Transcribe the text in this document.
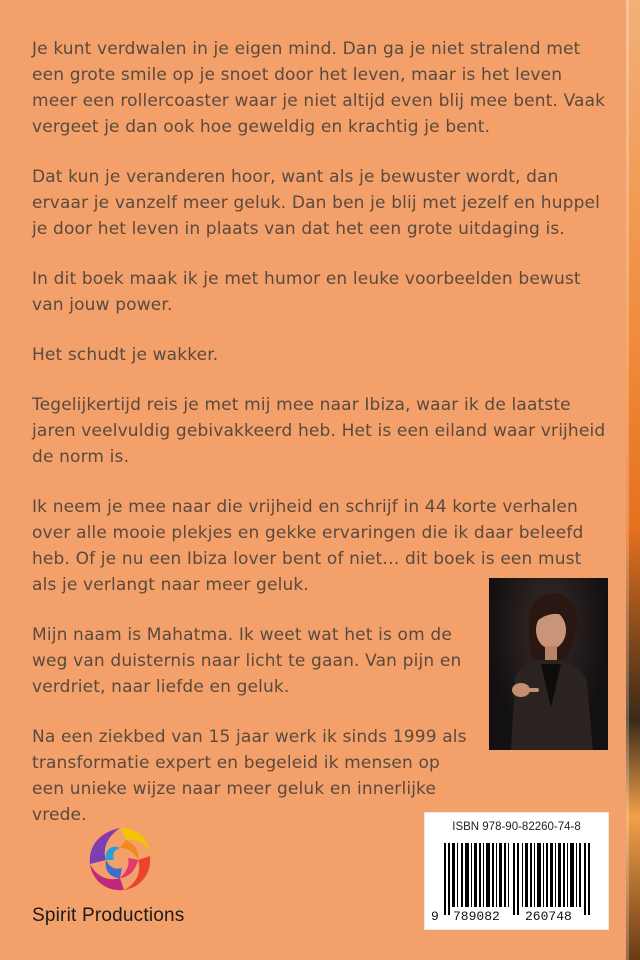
Je kunt verdwalen in je eigen mind. Dan ga je niet stralend met een grote smile op je snoet door het leven, maar is het leven meer een rollercoaster waar je niet altijd even blij mee bent. Vaak vergeet je dan ook hoe geweldig en krachtig je bent.

Dat kun je veranderen hoor, want als je bewuster wordt, dan ervaar je vanzelf meer geluk. Dan ben je blij met jezelf en huppel je door het leven in plaats van dat het een grote uitdaging is.

In dit boek maak ik je met humor en leuke voorbeelden bewust van jouw power.

Het schudt je wakker.

Tegelijkertijd reis je met mij mee naar Ibiza, waar ik de laatste jaren veelvuldig gebivakkeerd heb. Het is een eiland waar vrijheid de norm is.

Ik neem je mee naar die vrijheid en schrijf in 44 korte verhalen over alle mooie plekjes en gekke ervaringen die ik daar beleefd heb. Of je nu een Ibiza lover bent of niet… dit boek is een must als je verlangt naar meer geluk.

Mijn naam is Mahatma. Ik weet wat het is om de weg van duisternis naar licht te gaan. Van pijn en verdriet, naar liefde en geluk.

Na een ziekbed van 15 jaar werk ik sinds 1999 als transformatie expert en begeleid ik mensen op een unieke wijze naar meer geluk en innerlijke vrede.

Spirit Productions
ISBN 978-90-82260-74-8
9 789082 260748
